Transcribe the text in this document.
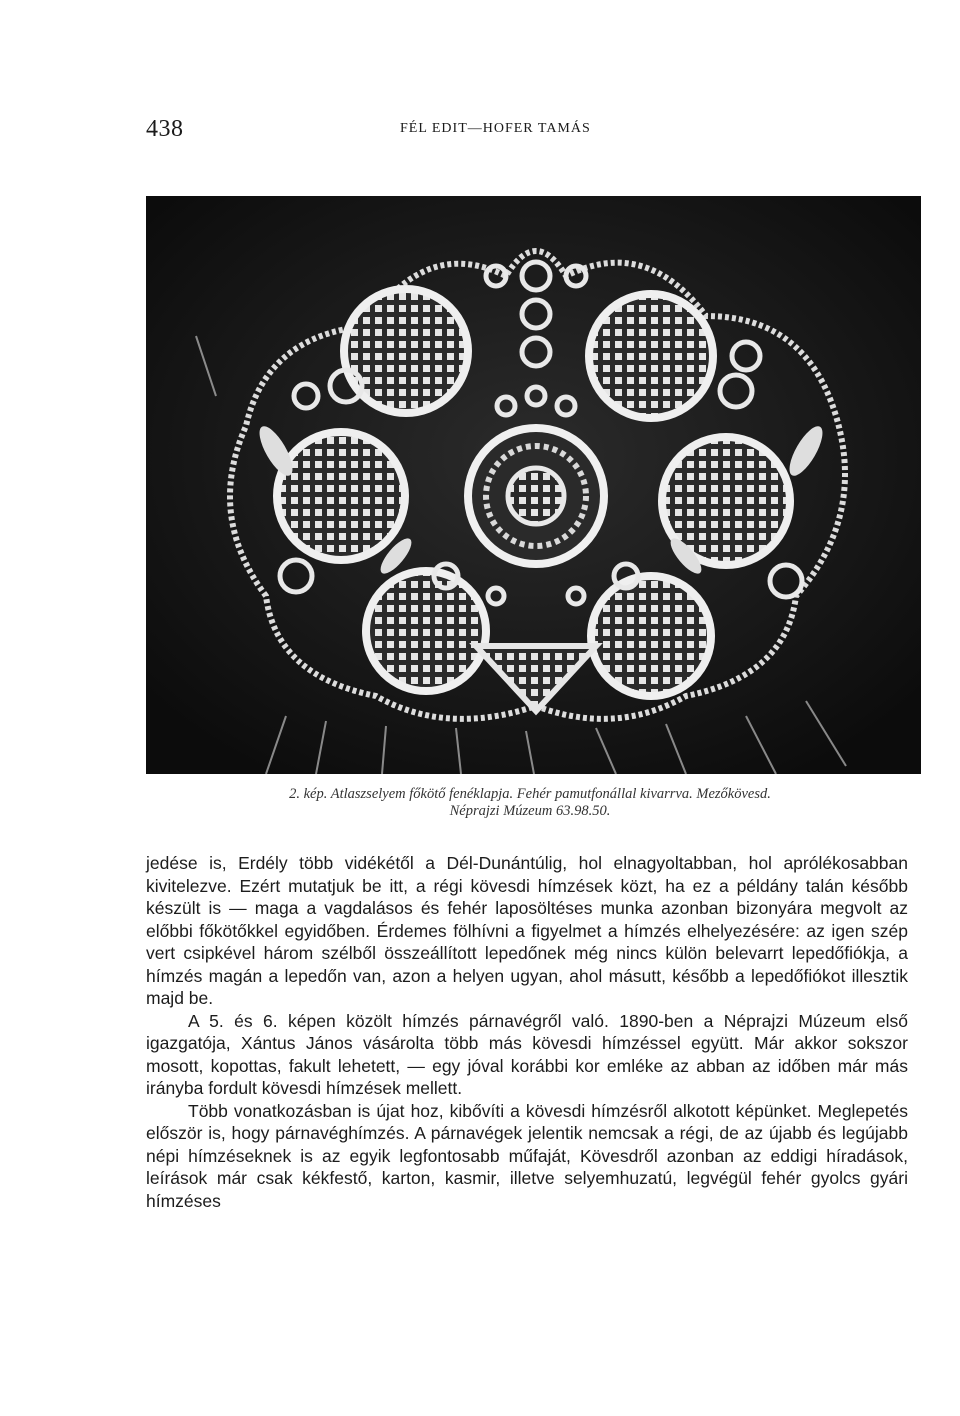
438	FÉL EDIT—HOFER TAMÁS
2. kép. Atlaszselyem főkötő fenéklapja. Fehér pamutfonállal kivarrva. Mezőkövesd.
Néprajzi Múzeum 63.98.50.

jedése is, Erdély több vidékétől a Dél-Dunántúlig, hol elnagyoltabban, hol aprólékosabban kivitelezve. Ezért mutatjuk be itt, a régi kövesdi hímzések közt, ha ez a példány talán később készült is — maga a vagdalásos és fehér laposöltéses munka azonban bizonyára megvolt az előbbi főkötőkkel egyidőben. Érdemes fölhívni a figyelmet a hímzés elhelyezésére: az igen szép vert csipkével három szélből összeállított lepedőnek még nincs külön belevarrt lepedőfiókja, a hímzés magán a lepedőn van, azon a helyen ugyan, ahol másutt, később a lepedőfiókot illesztik majd be.

A 5. és 6. képen közölt hímzés párnavégről való. 1890-ben a Néprajzi Múzeum első igazgatója, Xántus János vásárolta több más kövesdi hímzéssel együtt. Már akkor sokszor mosott, kopottas, fakult lehetett, — egy jóval korábbi kor emléke az abban az időben már más irányba fordult kövesdi hímzések mellett.

Több vonatkozásban is újat hoz, kibővíti a kövesdi hímzésről alkotott képünket. Meglepetés először is, hogy párnavéghímzés. A párnavégek jelentik nemcsak a régi, de az újabb és legújabb népi hímzéseknek is az egyik legfontosabb műfaját, Kövesdről azonban az eddigi híradások, leírások már csak kékfestő, karton, kasmir, illetve selyemhuzatú, legvégül fehér gyolcs gyári hímzéses
